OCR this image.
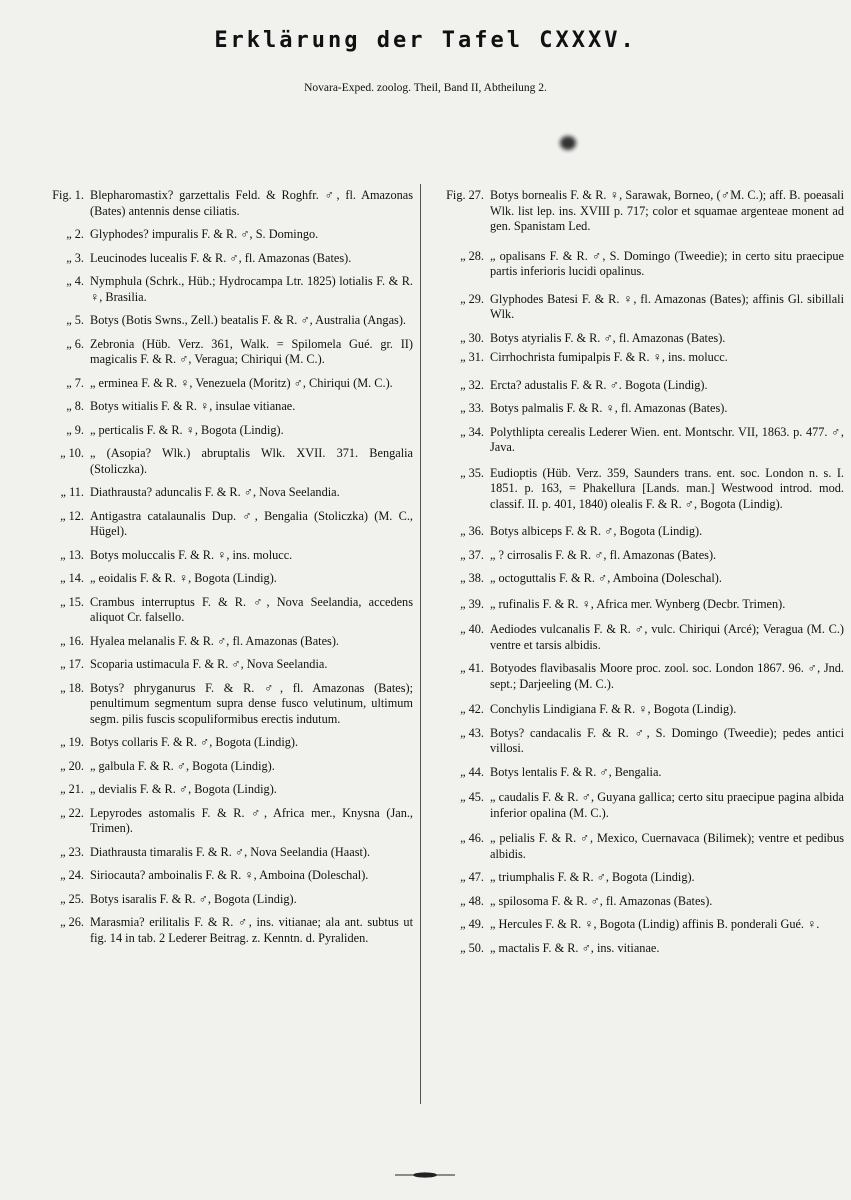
Erklärung der Tafel CXXXV.
Novara-Exped. zoolog. Theil, Band II, Abtheilung 2.
Fig. 1. Blepharomastix? garzettalis Feld. & Roghfr. ♂, fl. Amazonas (Bates) antennis dense ciliatis.
„ 2. Glyphodes? impuralis F. & R. ♂, S. Domingo.
„ 3. Leucinodes lucealis F. & R. ♂, fl. Amazonas (Bates).
„ 4. Nymphula (Schrk., Hüb.; Hydrocampa Ltr. 1825) lotialis F. & R. ♀, Brasilia.
„ 5. Botys (Botis Swns., Zell.) beatalis F. & R. ♂, Australia (Angas).
„ 6. Zebronia (Hüb. Verz. 361, Walk. = Spilomela Gué. gr. II) magicalis F. & R. ♂, Veragua; Chiriqui (M. C.).
„ 7. „ erminea F. & R. ♀, Venezuela (Moritz) ♂, Chiriqui (M. C.).
„ 8. Botys witialis F. & R. ♀, insulae vitianae.
„ 9. „ perticalis F. & R. ♀, Bogota (Lindig).
„ 10. „ (Asopia? Wlk.) abruptalis Wlk. XVII. 371. Bengalia (Stoliczka).
„ 11. Diathrausta? aduncalis F. & R. ♂, Nova Seelandia.
„ 12. Antigastra catalaunalis Dup. ♂, Bengalia (Stoliczka) (M. C., Hügel).
„ 13. Botys moluccalis F. & R. ♀, ins. molucc.
„ 14. „ eoidalis F. & R. ♀, Bogota (Lindig).
„ 15. Crambus interruptus F. & R. ♂, Nova Seelandia, accedens aliquot Cr. falsello.
„ 16. Hyalea melanalis F. & R. ♂, fl. Amazonas (Bates).
„ 17. Scoparia ustimacula F. & R. ♂, Nova Seelandia.
„ 18. Botys? phryganurus F. & R. ♂, fl. Amazonas (Bates); penultimum segmentum supra dense fusco velutinum, ultimum segm. pilis fuscis scopuliformibus erectis indutum.
„ 19. Botys collaris F. & R. ♂, Bogota (Lindig).
„ 20. „ galbula F. & R. ♂, Bogota (Lindig).
„ 21. „ devialis F. & R. ♂, Bogota (Lindig).
„ 22. Lepyrodes astomalis F. & R. ♂, Africa mer., Knysna (Jan., Trimen).
„ 23. Diathrausta timaralis F. & R. ♂, Nova Seelandia (Haast).
„ 24. Siriocauta? amboinalis F. & R. ♀, Amboina (Doleschal).
„ 25. Botys isaralis F. & R. ♂, Bogota (Lindig).
„ 26. Marasmia? erilitalis F. & R. ♂, ins. vitianae; ala ant. subtus ut fig. 14 in tab. 2 Lederer Beitrag. z. Kenntn. d. Pyraliden.
Fig. 27. Botys bornealis F. & R. ♀, Sarawak, Borneo, (♂M. C.); aff. B. poeasali Wlk. list lep. ins. XVIII p. 717; color et squamae argenteae monent ad gen. Spanistam Led.
„ 28. „ opalisans F. & R. ♂, S. Domingo (Tweedie); in certo situ praecipue partis inferioris lucidi opalinus.
„ 29. Glyphodes Batesi F. & R. ♀, fl. Amazonas (Bates); affinis Gl. sibillali Wlk.
„ 30. Botys atyrialis F. & R. ♂, fl. Amazonas (Bates).
„ 31. Cirrhochrista fumipalpis F. & R. ♀, ins. molucc.
„ 32. Ercta? adustalis F. & R. ♂. Bogota (Lindig).
„ 33. Botys palmalis F. & R. ♀, fl. Amazonas (Bates).
„ 34. Polythlipta cerealis Lederer Wien. ent. Montschr. VII, 1863. p. 477. ♂, Java.
„ 35. Eudioptis (Hüb. Verz. 359, Saunders trans. ent. soc. London n. s. I. 1851. p. 163, = Phakellura [Lands. man.] Westwood introd. mod. classif. II. p. 401, 1840) olealis F. & R. ♂, Bogota (Lindig).
„ 36. Botys albiceps F. & R. ♂, Bogota (Lindig).
„ 37. „ ? cirrosalis F. & R. ♂, fl. Amazonas (Bates).
„ 38. „ octoguttalis F. & R. ♂, Amboina (Doleschal).
„ 39. „ rufinalis F. & R. ♀, Africa mer. Wynberg (Decbr. Trimen).
„ 40. Aediodes vulcanalis F. & R. ♂, vulc. Chiriqui (Arcé); Veragua (M. C.) ventre et tarsis albidis.
„ 41. Botyodes flavibasalis Moore proc. zool. soc. London 1867. 96. ♂, Jnd. sept.; Darjeeling (M. C.).
„ 42. Conchylis Lindigiana F. & R. ♀, Bogota (Lindig).
„ 43. Botys? candacalis F. & R. ♂, S. Domingo (Tweedie); pedes antici villosi.
„ 44. Botys lentalis F. & R. ♂, Bengalia.
„ 45. „ caudalis F. & R. ♂, Guyana gallica; certo situ praecipue pagina albida inferior opalina (M. C.).
„ 46. „ pelialis F. & R. ♂, Mexico, Cuernavaca (Bilimek); ventre et pedibus albidis.
„ 47. „ triumphalis F. & R. ♂, Bogota (Lindig).
„ 48. „ spilosoma F. & R. ♂, fl. Amazonas (Bates).
„ 49. „ Hercules F. & R. ♀, Bogota (Lindig) affinis B. ponderali Gué. ♀.
„ 50. „ mactalis F. & R. ♂, ins. vitianae.
